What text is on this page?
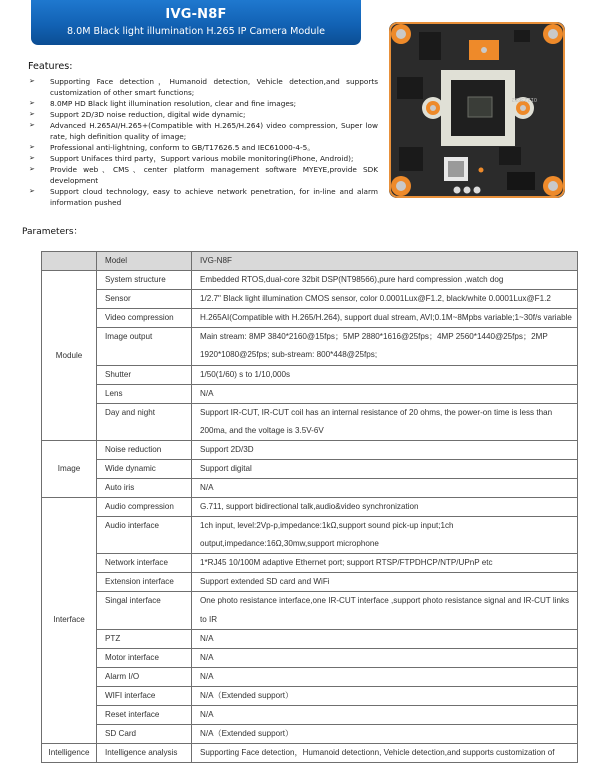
IVG-N8F
8.0M Black light illumination H.265 IP Camera Module
Features:
➢ Supporting Face detection，Humanoid detection, Vehicle detection,and supports customization of other smart functions;
➢ 8.0MP HD Black light illumination resolution, clear and fine images;
➢ Support 2D/3D noise reduction, digital wide dynamic;
➢ Advanced H.265AI/H.265+(Compatible with H.265/H.264) video compression, Super low rate, high definition quality of image;
➢ Professional anti-lightning, conform to GB/T17626.5 and IEC61000-4-5。
➢ Support Unifaces third party，Support various mobile monitoring(iPhone, Android);
➢ Provide web、CMS、center platform management software MYEYE,provide SDK development
➢ Support cloud technology, easy to achieve network penetration, for in-line and alarm information pushed
01223652
Parameters：
	Model	IVG-N8F
Module	System structure	Embedded RTOS,dual-core 32bit DSP(NT98566),pure hard compression ,watch dog
	Sensor	1/2.7" Black light illumination CMOS sensor, color 0.0001Lux@F1.2, black/white 0.0001Lux@F1.2
	Video compression	H.265AI(Compatible with H.265/H.264), support dual stream, AVI;0.1M~8Mpbs variable;1~30f/s variable
	Image output	Main stream: 8MP 3840*2160@15fps；5MP 2880*1616@25fps；4MP 2560*1440@25fps；2MP 1920*1080@25fps; sub-stream: 800*448@25fps;
	Shutter	1/50(1/60) s to 1/10,000s
	Lens	N/A
	Day and night	Support IR-CUT, IR-CUT coil has an internal resistance of 20 ohms, the power-on time is less than 200ma, and the voltage is 3.5V-6V
Image	Noise reduction	Support 2D/3D
	Wide dynamic	Support digital
	Auto iris	N/A
Interface	Audio compression	G.711, support bidirectional talk,audio&video synchronization
	Audio interface	1ch input, level:2Vp-p,impedance:1kΩ,support sound pick-up input;1ch output,impedance:16Ω,30mw,support microphone
	Network interface	1*RJ45 10/100M adaptive Ethernet port; support RTSP/FTPDHCP/NTP/UPnP etc
	Extension interface	Support extended SD card and WiFi
	Singal interface	One photo resistance interface,one IR-CUT interface ,support photo resistance signal and IR-CUT links to IR
	PTZ	N/A
	Motor interface	N/A
	Alarm I/O	N/A
	WIFI interface	N/A（Extended support）
	Reset interface	N/A
	SD Card	N/A（Extended support）
Intelligence	Intelligence analysis	Supporting Face detection，Humanoid detectionn, Vehicle detection,and supports customization of
